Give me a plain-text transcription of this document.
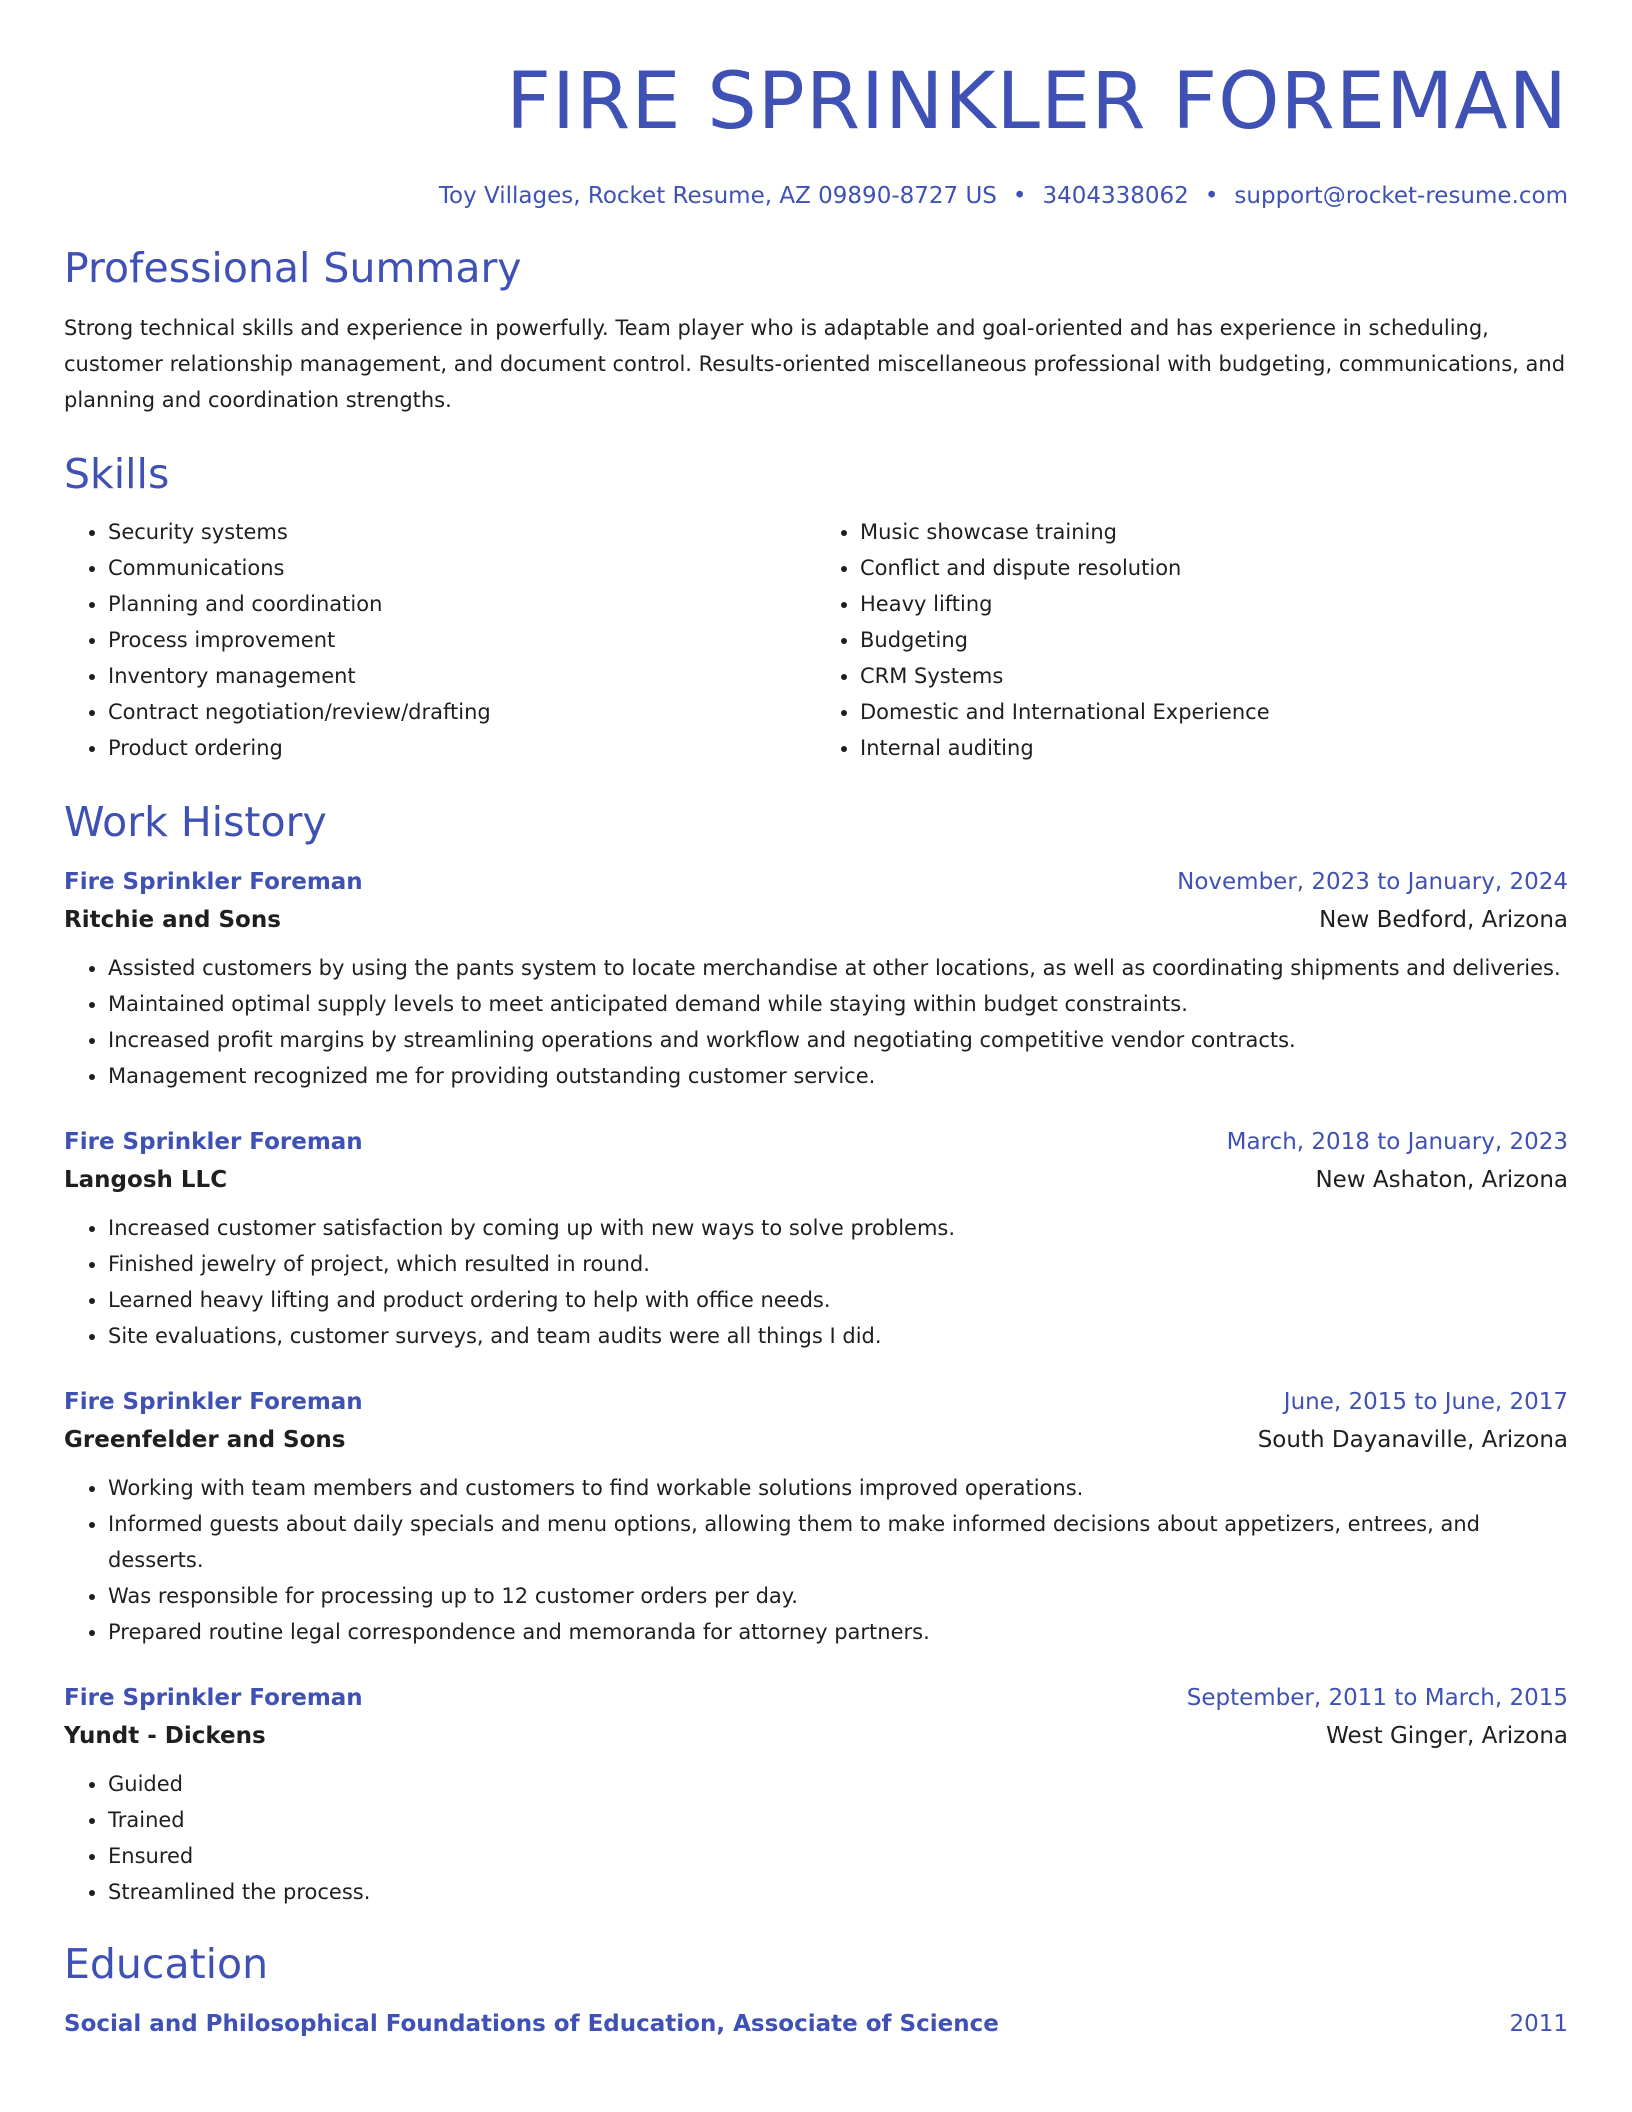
FIRE SPRINKLER FOREMAN
Toy Villages, Rocket Resume, AZ 09890-8727 US • 3404338062 • support@rocket-resume.com
Professional Summary
Strong technical skills and experience in powerfully. Team player who is adaptable and goal-oriented and has experience in scheduling, customer relationship management, and document control. Results-oriented miscellaneous professional with budgeting, communications, and planning and coordination strengths.
Skills
• Security systems
• Communications
• Planning and coordination
• Process improvement
• Inventory management
• Contract negotiation/review/drafting
• Product ordering
• Music showcase training
• Conflict and dispute resolution
• Heavy lifting
• Budgeting
• CRM Systems
• Domestic and International Experience
• Internal auditing
Work History
Fire Sprinkler Foreman	November, 2023 to January, 2024
Ritchie and Sons	New Bedford, Arizona
• Assisted customers by using the pants system to locate merchandise at other locations, as well as coordinating shipments and deliveries.
• Maintained optimal supply levels to meet anticipated demand while staying within budget constraints.
• Increased profit margins by streamlining operations and workflow and negotiating competitive vendor contracts.
• Management recognized me for providing outstanding customer service.
Fire Sprinkler Foreman	March, 2018 to January, 2023
Langosh LLC	New Ashaton, Arizona
• Increased customer satisfaction by coming up with new ways to solve problems.
• Finished jewelry of project, which resulted in round.
• Learned heavy lifting and product ordering to help with office needs.
• Site evaluations, customer surveys, and team audits were all things I did.
Fire Sprinkler Foreman	June, 2015 to June, 2017
Greenfelder and Sons	South Dayanaville, Arizona
• Working with team members and customers to find workable solutions improved operations.
• Informed guests about daily specials and menu options, allowing them to make informed decisions about appetizers, entrees, and desserts.
• Was responsible for processing up to 12 customer orders per day.
• Prepared routine legal correspondence and memoranda for attorney partners.
Fire Sprinkler Foreman	September, 2011 to March, 2015
Yundt - Dickens	West Ginger, Arizona
• Guided
• Trained
• Ensured
• Streamlined the process.
Education
Social and Philosophical Foundations of Education, Associate of Science	2011
